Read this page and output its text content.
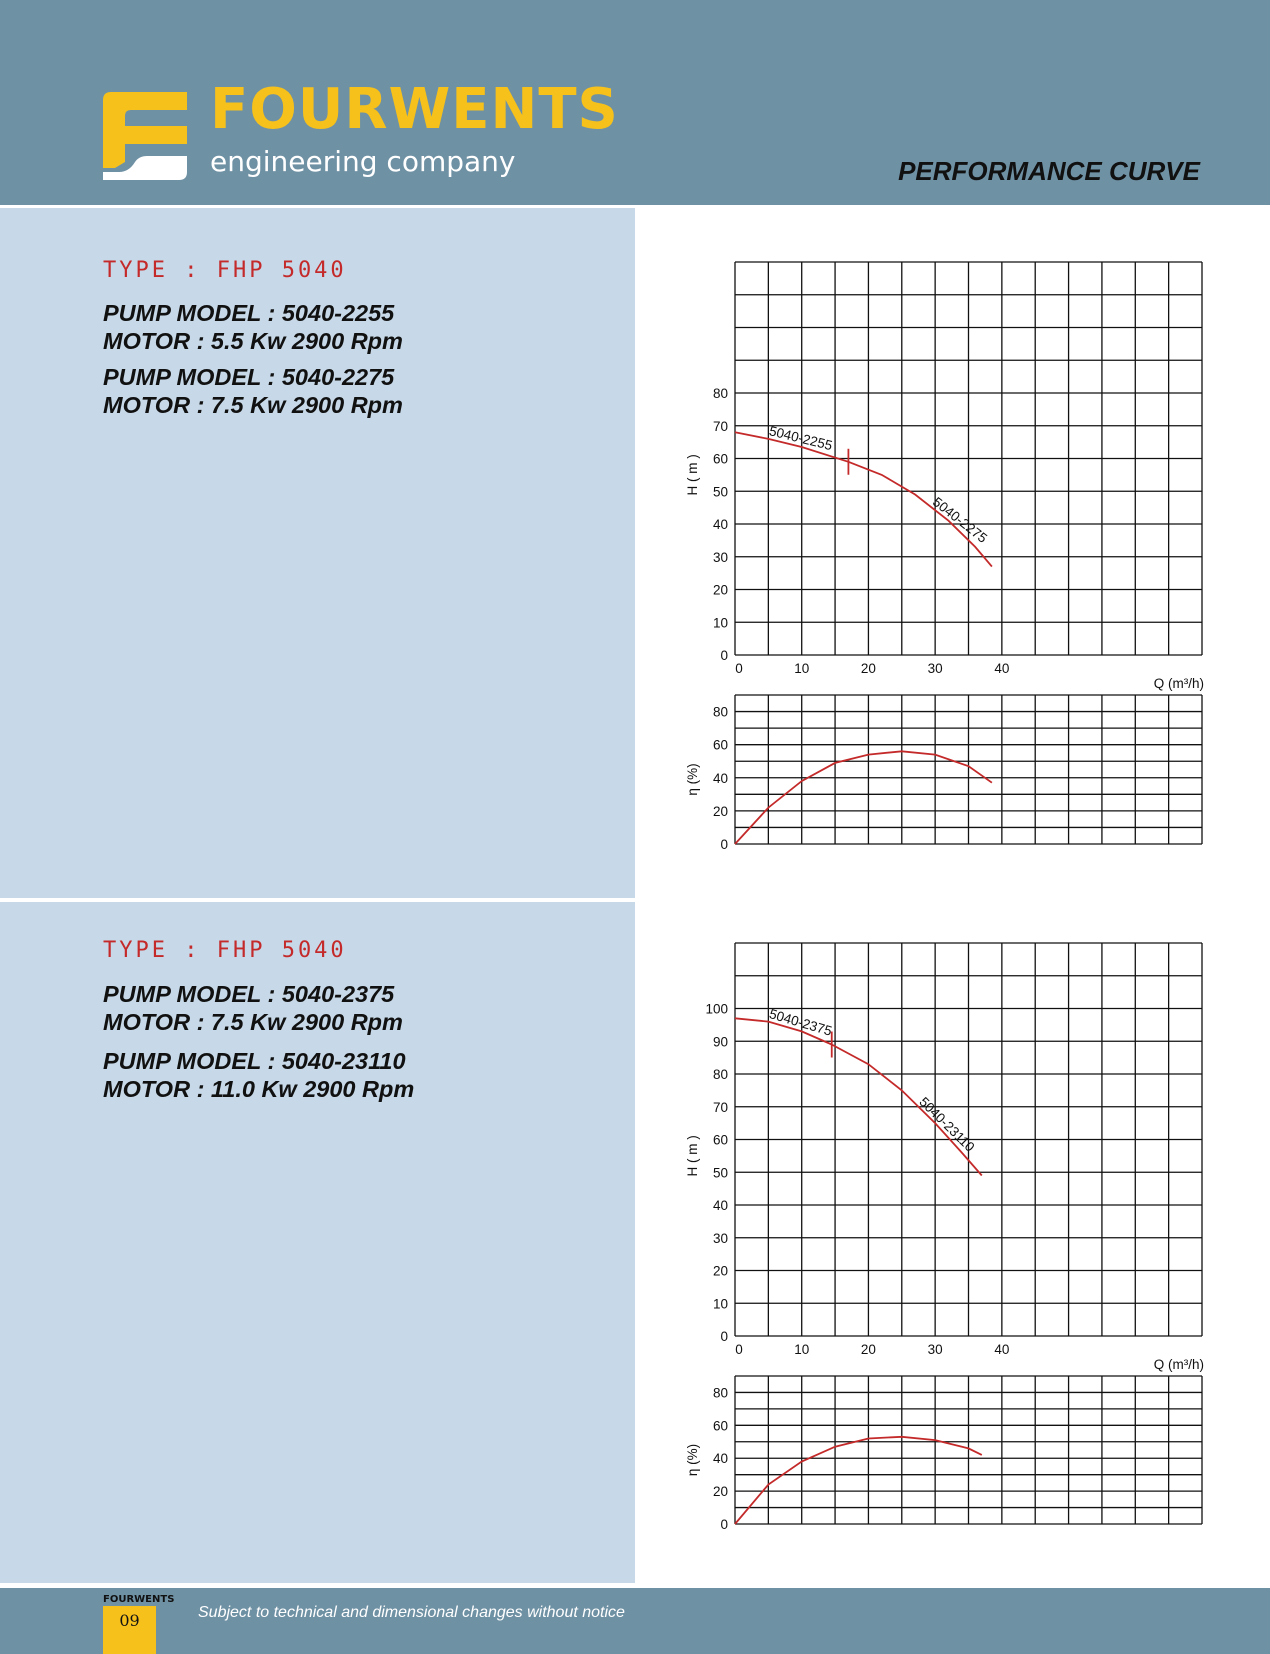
FOURWENTS
engineering company	PERFORMANCE CURVE
TYPE : FHP 5040
PUMP MODEL : 5040-2255
MOTOR : 5.5 Kw 2900 Rpm
PUMP MODEL : 5040-2275
MOTOR : 7.5 Kw 2900 Rpm
TYPE : FHP 5040
PUMP MODEL : 5040-2375
MOTOR : 7.5 Kw 2900 Rpm
PUMP MODEL : 5040-23110
MOTOR : 11.0 Kw 2900 Rpm
0
10
20
30
40
50
60
70
80
0	10	20	30	40
H ( m )
Q (m³/h)
5040-2255
5040-2275
0
20
40
60
80
η (%)
0
10
20
30
40
50
60
70
80
90
100
0	10	20	30	40
H ( m )
Q (m³/h)
5040-2375
5040-23110
0
20
40
60
80
η (%)
FOURWENTS
09	Subject to technical and dimensional changes without notice
